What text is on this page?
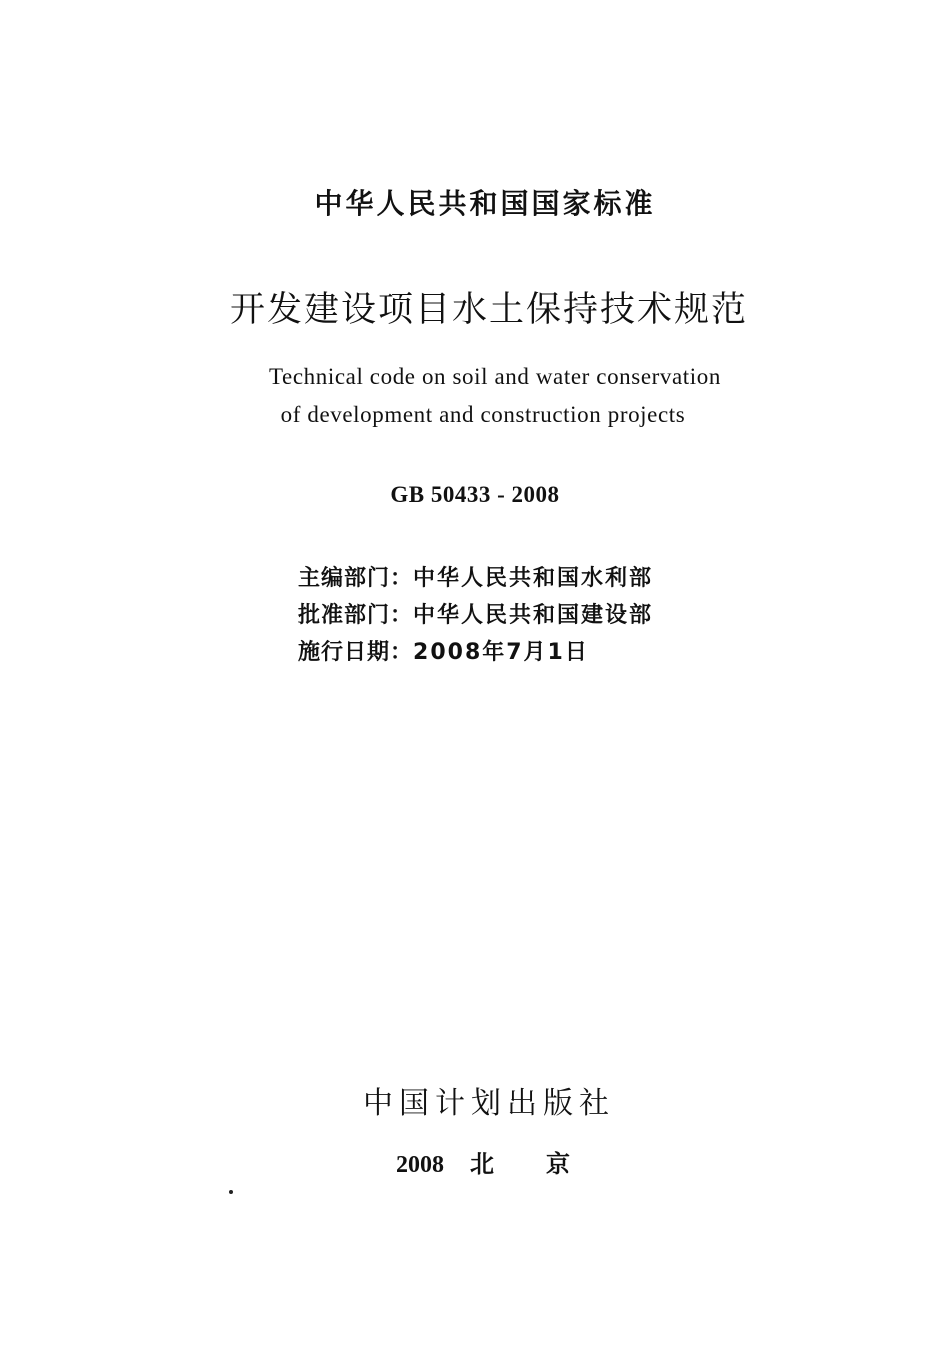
中华人民共和国国家标准
开发建设项目水土保持技术规范
Technical code on soil and water conservation
of development and construction projects
GB 50433 - 2008
主编部门：中华人民共和国水利部
批准部门：中华人民共和国建设部
施行日期：2008年7月1日
中国计划出版社
2008 北 京
